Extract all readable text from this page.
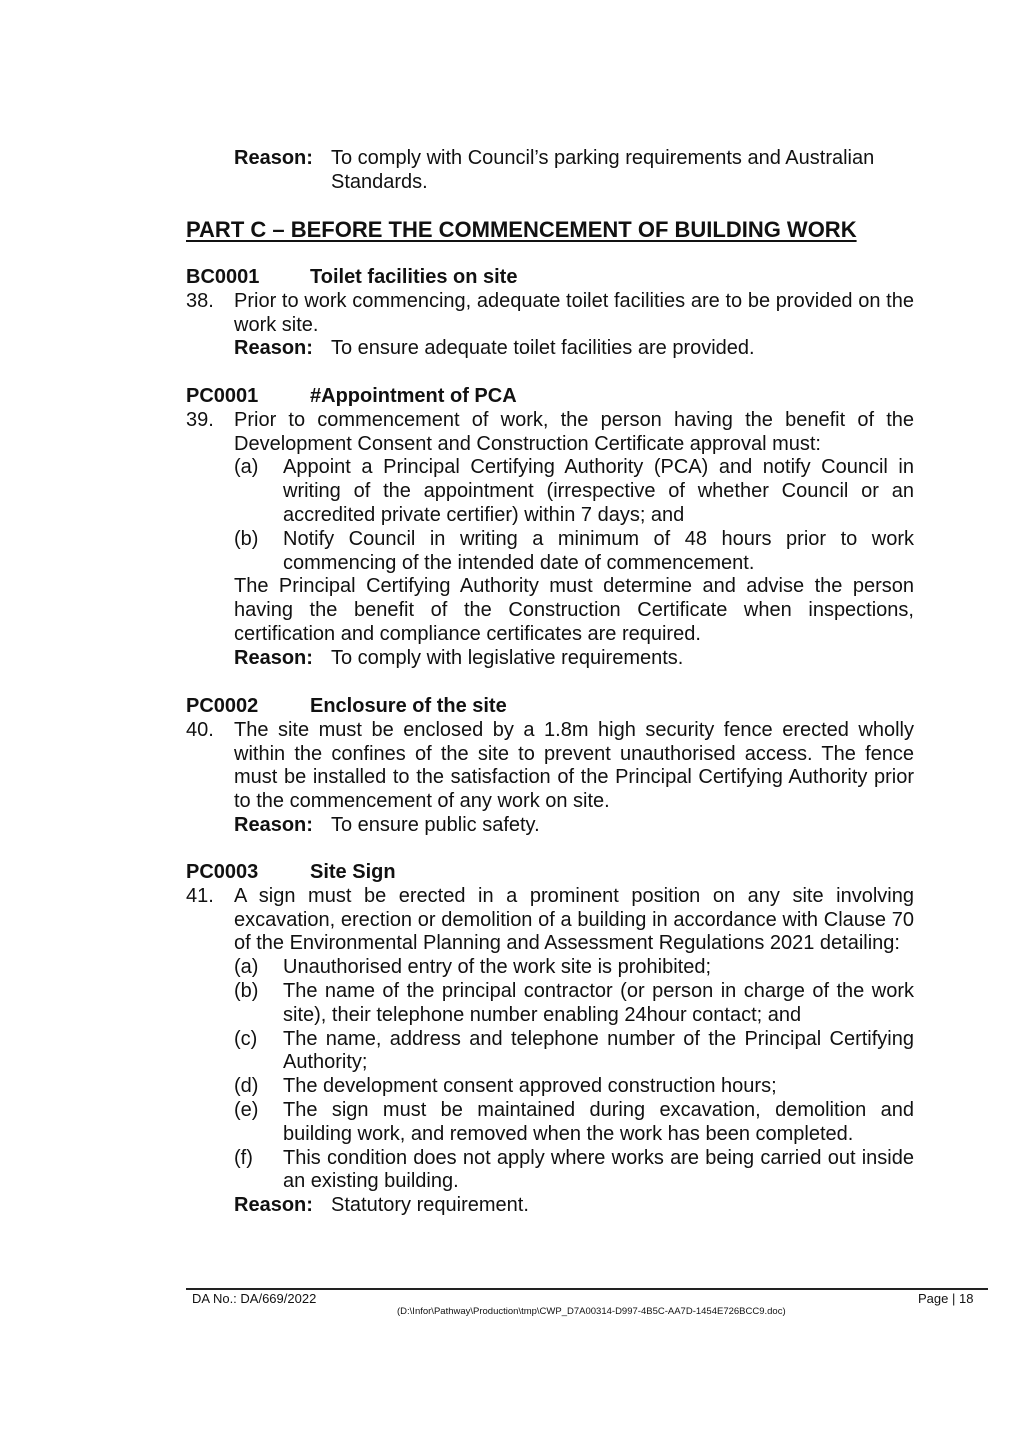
Reason: To comply with Council’s parking requirements and Australian Standards.
PART C – BEFORE THE COMMENCEMENT OF BUILDING WORK
BC0001	Toilet facilities on site
38.	Prior to work commencing, adequate toilet facilities are to be provided on the work site.
Reason: To ensure adequate toilet facilities are provided.
PC0001	#Appointment of PCA
39.	Prior to commencement of work, the person having the benefit of the Development Consent and Construction Certificate approval must:
(a)	Appoint a Principal Certifying Authority (PCA) and notify Council in writing of the appointment (irrespective of whether Council or an accredited private certifier) within 7 days; and
(b)	Notify Council in writing a minimum of 48 hours prior to work commencing of the intended date of commencement.
The Principal Certifying Authority must determine and advise the person having the benefit of the Construction Certificate when inspections, certification and compliance certificates are required.
Reason: To comply with legislative requirements.
PC0002	Enclosure of the site
40.	The site must be enclosed by a 1.8m high security fence erected wholly within the confines of the site to prevent unauthorised access. The fence must be installed to the satisfaction of the Principal Certifying Authority prior to the commencement of any work on site.
Reason: To ensure public safety.
PC0003	Site Sign
41.	A sign must be erected in a prominent position on any site involving excavation, erection or demolition of a building in accordance with Clause 70 of the Environmental Planning and Assessment Regulations 2021 detailing:
(a)	Unauthorised entry of the work site is prohibited;
(b)	The name of the principal contractor (or person in charge of the work site), their telephone number enabling 24hour contact; and
(c)	The name, address and telephone number of the Principal Certifying Authority;
(d)	The development consent approved construction hours;
(e)	The sign must be maintained during excavation, demolition and building work, and removed when the work has been completed.
(f)	This condition does not apply where works are being carried out inside an existing building.
Reason: Statutory requirement.
DA No.: DA/669/2022	Page | 18
(D:\Infor\Pathway\Production\tmp\CWP_D7A00314-D997-4B5C-AA7D-1454E726BCC9.doc)
